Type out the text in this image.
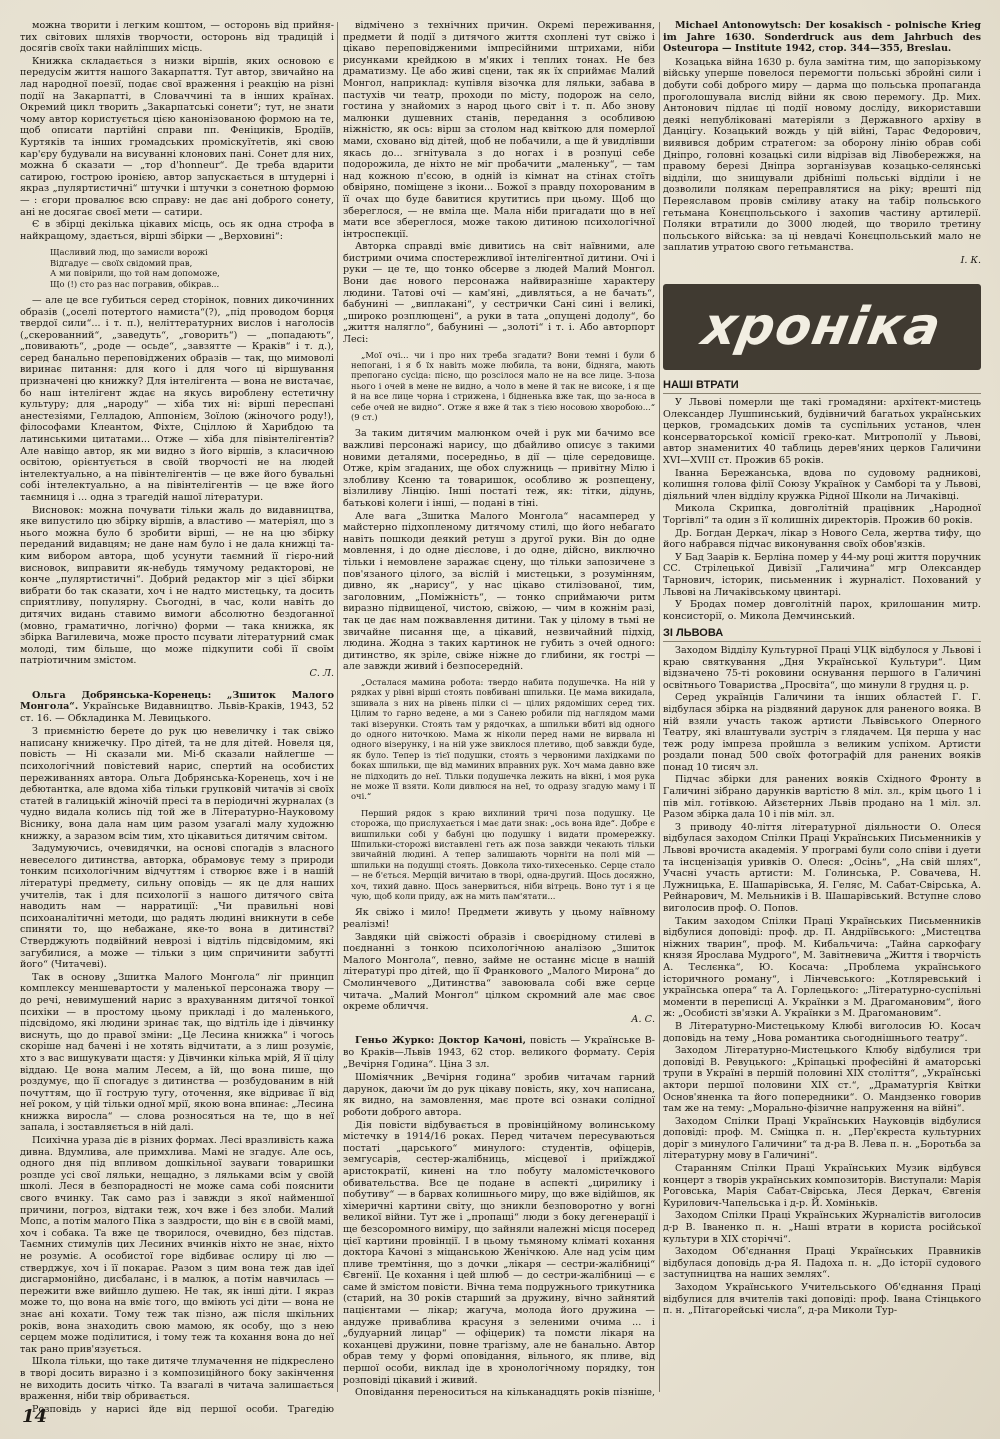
можна творити і легким коштом, — осторонь від прийня-тих світових шляхів творчости, осторонь від традицій і досягів своїх таки найліпших місць.

Книжка складається з низки віршів, яких основою є передусім життя нашого Закарпаття. Тут автор, звичайно на лад народної поезії, подає свої враження і реакцію на різні події на Закарпатті, в Словаччині та в інших країнах. Окремий цикл творить „Закарпатські сонети“; тут, не знати чому автор користується цією канонізованою формою на те, щоб описати партійні справи пп. Феніциків, Бродіїв, Куртяків та інших громадських проміскуїтетів, які свою кар'єру будували на висуванні клонових пані. Сонет для них, можна б сказати — „тор d'honneur“. Де треба вдарити сатирою, гострою іронією, автор запускається в штудерні і якраз „пуляртистичні“ штучки і штучки з сонетною формою — : єгори провалює всю справу: не дає ані доброго сонету, ані не досягає своєї мети — сатири.

Є в збірці декілька цікавих місць, ось як одна строфа в найкращому, здається, вірші збірки — „Верховині“:

Щасливий люд, що замисли ворожі
Відгадує — своїх свідомий прав,
А ми повірили, що той нам допоможе,
Що (!) сто раз нас погравив, обікрав...

— але це все губиться серед сторінок, повних дикочинних образів („оселі потертого намиста“(?), „під проводом борця твердої сили“... і т. п.), неліттературних вислов і наголосів („скерованний“, „заведуть“, „говорить“) — „попадають“, „повивають“, „роде — осьде“, „завзятте — Краків“ і т. д.), серед банально переповіджених образів — так, що мимоволі виринає питання: для кого і для чого ці віршування призначені цю книжку? Для інтелігента — вона не вистачає, бо наш інтелігент ждає на якусь вироблену естетичну культуру; для „народу“ — хіба тих ні: вірші переспані анестезіями, Гелладою, Аппонієм, Зоїлою (жіночого роду!), філософами Клеантом, Фіхте, Сціллою й Харибдою та латинськими цитатами... Отже — хіба для півінтелігентів? Але навіщо автор, як ми видно з його віршів, з класичною освітою, орієнтується в своїй творчості не на людей інтелектуально, а на півінтелігентів — це вже його бувальні собі інтелектуально, а на півінтелігентів — це вже його таємниця і ... одна з трагедій нашої літератури.

Висновок: можна почувати тільки жаль до видавництва, яке випустило цю збірку віршів, а властиво — матеріял, що з нього можна було б зробити вірші, — не на цю збірку переданий видавцям; не дане нам було і не дала книжці та-ким вибором автора, щоб усунути таємний її гієро-ний висновок, виправити як-небудь тямучому редакторові, не конче „пуляртистичні“. Добрий редактор міг з цієї збірки вибрати бо так сказати, хоч і не надто мистецьку, та досить сприятливу, популярну. Сьогодні, в час, коли навіть до дитячих видань ставимо вимоги абсолютно бездоганної (мовно, граматично, логічно) форми — така книжка, як збірка Вагилевича, може просто псувати літературний смак молоді, тим більше, що може підкупити собі її своїм патріотичним змістом.

С. Л.

Ольга Добрянська-Коренець: „Зшиток Малого Монгола“. Українське Видавництво. Львів-Краків, 1943, 52 ст. 16. — Обкладинка М. Левицького.

З приємністю берете до рук цю невеличку і так свіжо написану книжечку. Про дітей, та не для дітей. Новеля ця, повість — Ні сказали ми. Мі-б сказали найлегше — психологічний повістевий нарис, спертий на особистих переживаннях автора. Ольга Добрянська-Коренець, хоч і не дебютантка, але вдома хіба тільки групковій читачів зі своїх статей в галицькій жіночій пресі та в періодичні журналах (з чудно видала колись під той же в Літературно-Науковому Віснику, вона дала нам цим разом узагалі малу художню книжку, а заразом всім тим, хто цікавиться дитячим світом.

Задумуючись, очевидячки, на основі спогадів з власного невеселого дитинства, авторка, обрамовує тему з природи тонким психологічним відчуттям і створює вже і в нашій літературі предмету, сильну оповідь — як це для наших учителів, так і для психології з нашого дитячого світа наводить нам — нарратиції: „Чи правильні нові психоаналітичні методи, що радять людині вникнути в себе спиняти то, що небажане, яке-то вона в дитинстві? Стверджують подвійний неврозі і відтіль підсвідомим, які загубилися, а може — тільки з цим спричинити забутті його“ (Читачеві).

Так в основу „Зшитка Малого Монгола“ ліг принцип комплексу меншевартости у маленької персонажа твору — до речі, невимушений нарис з врахуванням дитячої тонкої психіки — в простому цьому прикладі і до маленького, підсвідомо, які людини зринає так, що відтіль іде і дівчинку виснуть, що до правої зміни: „Це Лесина книжка“ і чогось скоріше над бачені і не хотять відчитати, а з лиш розуміє, хто з вас вишукувати щастя: у Дівчинки кілька мрій, Я її цілу віддаю. Це вона малим Лесем, а їй, що вона пише, що роздумує, що її спогадує з дитинства — розбудованим в ній почуттям, що її гострую тугу, оточення, яке відриває її від неї роком, у цій тільки одної мрії, якою вона впинає: „Лесина книжка виросла“ — слова розносяться на те, що в неї запала, і зоставляється в ній далі.

Психічна ураза діє в різних формах. Лесі вразливість кажа дивна. Вдумлива, але примхлива. Мамі не згадує. Але ось, одного дня під впливом дошкільної зауваги товаришки розпде усі свої ляльки, нещадно, з ляльками всім у своїй школі. Леся в безпорадності не може сама собі пояснити свого вчинку. Так само раз і завжди з якої найменшої причини, погроз, відтаки теж, хоч вже і без злоби. Малий Мопс, а потім малого Піка з заздрости, що він є в своїй мамі, хоч і собака. Та вже це творилося, очевидно, без підстав. Таємних стимулів цих Лесиних вчинків ніхто не знає, ніхто не розуміє. А особистої горе відбиває ослиру ці лю — стверджує, хоч і її покарає. Разом з цим вона теж дав ідеї дисгармонійно, дисбаланс, і в малюк, а потім навчилась — пережити вже вийшло душею. Не так, як інші діти. І якраз може то, що вона на вміє того, що вміють усі діти — вона не знає ані кохати. Тому теж так пізно, аж після шкільних років, вона знаходить свою мамою, як особу, що з нею серцем може поділитися, і тому теж та кохання вона до неї так рано прив'язується.

Школа тільки, що таке дитяче тлумачення не підкреслено в творі досить виразно і з композиційного боку закінчення не виходить досить чітко. Та взагалі в читача залишається враження, ніби твір обривається.

Розповідь у нарисі йде від першої особи. Трагедію

відмічено з технічних причин. Окремі переживання, предмети й події з дитячого життя схоплені тут свіжо і цікаво переповідженими імпресійними штрихами, ніби рисунками крейдкою в м'яких і теплих тонах. Не без драматизму. Це або живі сцени, так як їх сприймає Малий Монгол, наприклад: купівля візочка для ляльки, забава в пастухів чи театр, проходи по місту, подорож на село, гостина у знайомих з народ цього світ і т. п. Або знову малюнки душевних станів, передання з особливою ніжністю, як ось: вірш за столом над квіткою для померлої мами, сховано від дітей, щоб не побачили, а ще й увидлівши якась до... згнітувала з до ногах і в розпуці себе подорожила, де ніхто не міг пробачити „маленьку“, — там над кожною п'єсою, в одній із кімнат на стінах стоїть обвіряно, поміщене з ікони... Божої з правду похорованим в її очах що буде бавитися крутитись при цьому. Щоб що збереглося, — не вміла ще. Мала ніби пригадати що в неї мати все збереглося, може такою дитиною психологічної інтроспекції.

Авторка справді вміє дивитись на світ наївними, але бистрими очима спостережливої інтелігентної дитини. Очі і руки — це те, що тонко обсерве з людей Малий Монгол. Вони дає нового персонажа найвиразніше характеру людини. Татові очі — кам'яні, „дивляться, а не бачать“, бабунині — „виплакані“, у сестрички Сані сині і великі, „широко розплющені“, а руки в тата „опущені додолу“, бо „життя налягло“, бабунині — „золоті“ і т. і. Або авторпорт Лесі:

„Мої очі... чи і про них треба згадати? Вони темні і були б непогані, і я б їх навіть може любила, та вони, бідняга, мають препогано сусіда: пісно, що розсілося мало не на все лице. З-поза нього і очей в мене не видно, а чоло в мене й так не високе, і я ще й на все лице чорна і стрижена, і бідненька вже так, що за-носа в себе очей не видно“. Отже я вже й так з тією носовою хворобою...“ (9 ст.)

За таким дитячим малюнком очей і рук ми бачимо все важливі персонажі нарису, що дбайливо описує з такими новими деталями, посередньо, в дії — ціле середовище. Отже, крім згаданих, ще обох служниць — привітну Мілю і злобливу Ксеню та товаришок, особливо ж розпещену, візлиливу Лінцію. Інші постаті теж, як: тітки, дідунь, батькові колеги і інші, — подані в тіні.

Але вага „Зшитка Малого Монгола“ насамперед у майстерно підхопленому дитячому стилі, що його небагато навіть пошкоди деякий ретуш з другої руки. Він до одне мовлення, і до одне дієслове, і до одне, дійсно, виключно тільки і немовлене заражає сцену, що тільки запозичене з пов'язаного цілого, за віслій і мистецьки, з розумінням, дивно, як „нарису“, у нас цікаво стилізованої, тим, заголовним, „Поміжність“, — тонко сприймаючи ритм виразно підвищеної, чистою, свіжою, — чим в кожнім разі, так це дає нам пожвавлення дитини. Так у цілому в тьмі не звичайне писання ще, а цікавий, незвичайний підхід, людина. Жодна з таких картинок не губить з очей одного: дитинство, як зріле, свіже ніжне до глибини, як гострі — але завжди живий і безпосередній.

„Осталася мамина робота: твердо набита подушечка. На ній у рядках у рівні вірші стоять повбивані шпильки. Це мама викидала, зшивала з них на рівень пілки сі — цілих рядоміших серед тих. Цілим то гарно ведене, а ми з Санею робили під наглядом мами такі візерунки. Стоять там у рядочках, а шпильки вбиті від одного до одного ниточкою. Мама ж ніколи перед нами не вирвала ні одного візерунку, і на ній уже звиклося плетиво, щоб завжди буде, як було. Тепер із тієї подушки, стоять з червоними лахідками по боках шпильки, ще від маминих вправних рук. Хоч мама давно вже не підходить до неї. Тільки подушечка лежить на вікні, і моя рука не може її взяти. Коли дивлюся на неї, то одразу згадую маму і її очі.“
Перший рядок з краю вихлиний тричі поза подушку. Це сторожа, що прислухається і має дати знак: „ось вона йде“. Добре є вишпильки собі у бабуні цю подушку і видати промережку. Шпильки-сторожі виставлені геть аж поза завжди чекають тільки звичайній людині. А тепер залишають чорніти на полі мій — шпильки на подушці стоять. Довкола тихо-тихесенько. Серце стало — не б'ється. Мерщій вичитаю в творі, одна-другий. Щось досяжно, хоч, тихий давно. Щось занервиться, ніби вітрець. Воно тут і я це чую, щоб коли приду, аж на мить пам'ятати...

Як свіжо і мило! Предмети живуть у цьому наївному реалізмі!

Завдяки цій свіжості образів і своєрідному стилеві в поєднанні з тонкою психологічною аналізою „Зшиток Малого Монгола“, певно, займе не останнє місце в нашій літературі про дітей, що її Франкового „Малого Мирона“ до Смолинчевого „Дитинства“ завоювала собі вже серце читача. „Малий Монгол“ цілком скромний але має своє окреме обличчя.

А. С.

Геньо Журко: Доктор Качоні, повість — Українське В-во Краків—Львів 1943, 62 стор. великого формату. Серія „Вечірня Година“. Ціна 3 зл.

Шоміячник „Вечірня година“ зробив читачам гарний дарунок, даючи їм до рук цікаву повість, яку, хоч написана, як видно, на замовлення, має проте всі ознаки солідної роботи доброго автора.

Дія повісти відбувається в провінційному волинському містечку в 1914/16 роках. Перед читачем пересуваються постаті „царського“ минулого: студентів, офіцерів, земгусарів, сестер-жалібниць, місцевої і приїжджої аристократії, кинені на тло побуту маломістечкового обивательства. Все це подане в аспекті „цирилику і побутиву“ — в барвах колишнього миру, що вже відійшов, як хімеричні картини світу, що зникли безповоротно у вогні великої війни. Тут же і „пропащі“ люди з боку дегенерації і ще безсоромного виміру, що зайняли належні місця посеред цієї картини провінції. І в цьому тьмяному кліматі кохання доктора Качоні з міщанською Женічкою. Але над усім цим пливе тремтіння, що з дочки „лікаря — сестри-жалібниці“ Євгенії. Це кохання і цей шлюб — до сестри-жалібниці — є саме й змістом повісти. Вічна тема подружнього трикутника (старий, на 30 років старший за дружину, вічно зайнятий пацієнтами — лікар; жагуча, молода його дружина — андуже приваблива красуня з зеленими очима ... і „будуарний лицар“ — офіцерик) та помсти лікаря на коханцеві дружини, повне трагізму, але не банально. Автор обрав тему у формі оповідання, вільного, як пливе, від першої особи, виклад іде в хронологічному порядку, тон розповіді цікавий і живий.

Оповідання переноситься на кільканадцять років пізніше,

Michael Antonowytsch: Der kosakisch - polnische Krieg im Jahre 1630. Sonderdruck aus dem Jahrbuch des Osteuropa — Institute 1942, стор. 344—355, Breslau.

Козацька війна 1630 р. була замітна тим, що запорізькому війську уперше повелося перемогти польські збройні сили і добути собі доброго миру — дарма що польська пропаганда проголошувала вислід війни як свою перемогу. Др. Мих. Антонович підлає ці події новому досліду, використавши деякі непубліковані матеріяли з Державного архіву в Данцігу. Козацький вождь у цій війні, Тарас Федорович, виявився добрим стратегом: за оборону лінію обрав собі Дніпро, головні козацькі сили відрізав від Лівобережжя, на правому березі Дніпра зорганізував козацько-селянські відділи, що знищували дрібніші польські відділи і не дозволили полякам переправлятися на ріку; врешті під Переяславом провів сміливу атаку на табір польського гетьмана Конєцпольського і захопив частину артилерії. Поляки втратили до 3000 людей, що творило третину польського війська: за ці невдачі Конєцпольський мало не заплатив утратою свого гетьманства.

І. К.

хроніка
НАШІ ВТРАТИ

У Львові померли ще такі громадяни: архітект-мистець Олександер Лушпинський, будівничий багатьох українських церков, громадських домів та суспільних установ, член консерваторської комісії грекo-кат. Митрополії у Львові, автор знаменитих 40 таблиць дерев'яних церков Галичини XVI—XVIII ст. Прожив 65 років.

Іванна Бережанська, вдова по судовому радникові, колишня голова філії Союзу Українок у Самборі та у Львові, діяльний член відділу кружка Рідної Школи на Личаківці.

Микола Скрипка, довголітній працівник „Народної Торгівлі“ та один з її колишніх директорів. Прожив 60 років.

Др. Богдан Деркач, лікар з Нового Села, жертва тифу, що його набрався підчас виконування своїх обов'язків.

У Бад Заарів к. Берліна помер у 44-му році життя поручник СС. Стрілецької Дивізії „Галичина“ мгр Олександер Тарнович, історик, письменник і журналіст. Похований у Львові на Личаківському цвинтарі.

У Бродах помер довголітній парох, крилошанин митр. консисторії, о. Микола Демчинський.

ЗІ ЛЬВОВА

Заходом Відділу Культурної Праці УЦК відбулося у Львові і краю святкування „Дня Української Культури“. Цим відзначено 75-ті роковини оснування першого в Галичині освітнього Товариства „Просвіта“, що минули 8 грудня ц. р.

Серед українців Галичини та інших областей Г. Г. відбулася збірка на різдвяний дарунок для раненого вояка. В ній взяли участь також артисти Львівського Оперного Театру, які влаштували зустріч з глядачем. Ця перша у нас теж роду імпреза пройшла з великим успіхом. Артисти роздали понад 500 своїх фотографій для ранених вояків понад 10 тисяч зл.

Підчас збірки для ранених вояків Східного Фронту в Галичині зібрано дарунків вартістю 8 міл. зл., крім цього 1 і пів міл. готівкою. Айзєтерних Львів продано на 1 міл. зл. Разом збірка дала 10 і пів міл. зл.

З приводу 40-ліття літературної діяльности О. Олеся відбулася заходом Спілки Праці Українських Письменників у Львові врочиста академія. У програмі були соло співи і дуети та інсценізація уривків О. Олеся: „Осінь“, „На свій шлях“, Учасні участь артисти: М. Голинська, Р. Совачева, Н. Лужницька, Е. Шашарівська, Я. Геляс, М. Сабат-Свірська, А. Рейнарович, М. Мельників і В. Шашарівський. Вступне слово виголосив проф. О. Попов.

Таким заходом Спілки Праці Українських Письменників відбулися доповіді: проф. др. П. Андріївського: „Мистецтва ніжних тварин“, проф. М. Кибальчича: „Тайна саркофагу князя Ярослава Мудрого“, М. Завітневича „Життя і творчість А. Теслєнка“, Ю. Косача: „Проблема українського історичного роману“, і Лінчевського: „Котляревський і українська опера“ та А. Горлецького: „Літературно-суспільні моменти в переписці А. Українки з М. Драгомановим“, його ж: „Особисті зв'язки А. Українки з М. Драгомановим“.

В Літературно-Мистецькому Клюбі виголосив Ю. Косач доповідь на тему „Нова романтика сьогоднішнього театру“.

Заходом Літературно-Мистецького Клюбу відбулися три доповіді В. Ревуцького: „Кріпацькі професійні й аматорські трупи в Україні в першій половині XIX століття“, „Українські актори першої половини XIX ст.“, „Драматургія Квітки Основ'яненка та його попередники“. О. Мандзенко говорив там же на тему: „Морально-фізичне напруження на війні“.

Заходом Спілки Праці Українських Науковців відбулися доповіді: проф. М. Сміщка п. н. „Пер'єкреста культурних доріг з минулого Галичини“ та д-ра В. Лева п. н. „Боротьба за літературну мову в Галичині“.

Старанням Спілки Праці Українських Музик відбувся концерт з творів українських композиторів. Виступали: Марія Роговська, Марія Сабат-Свірська, Леся Деркач, Євгенія Курилович-Чапельська і д-р. Й. Хоміньків.

Заходом Спілки Праці Українських Журналістів виголосив д-р В. Іваненко п. н. „Наші втрати в користа російської культури в XIX сторіччі“.

Заходом Об'єднання Праці Українських Правників відбулася доповідь д-ра Я. Падоха п. н. „До історії судового заступництва на наших землях“.

Заходом Українського Учительського Об'єднання Праці відбулися для вчителів такі доповіді: проф. Івана Стінцького п. н. „Пітагорейські числа“, д-ра Миколи Тур-

14
